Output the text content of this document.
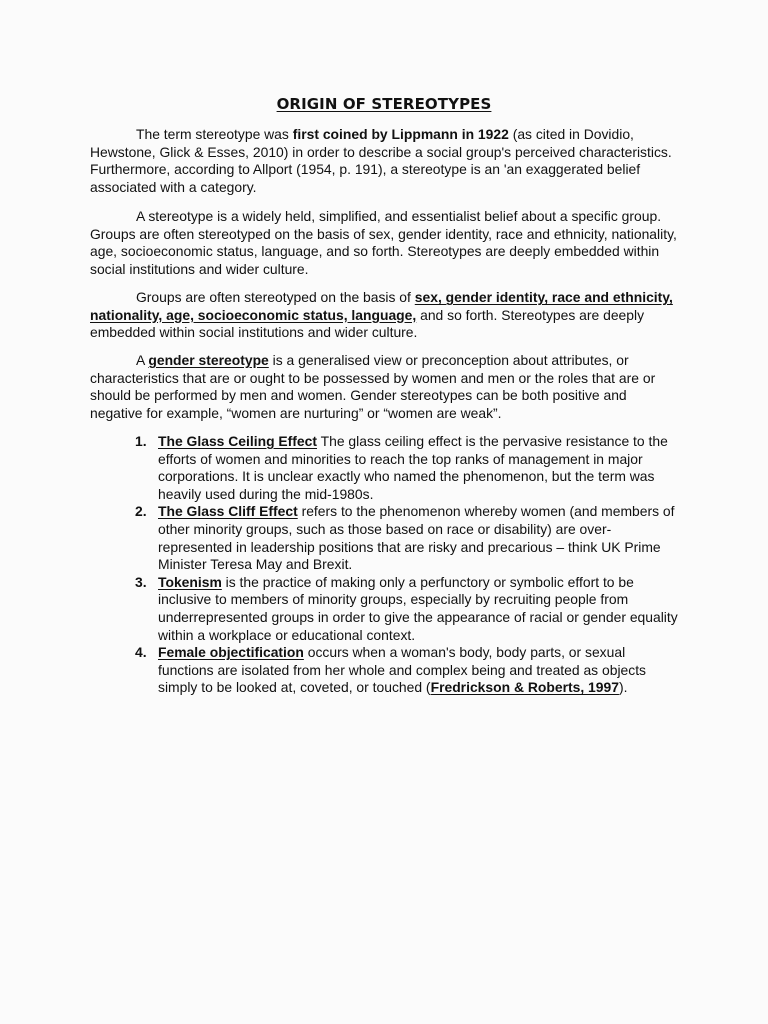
ORIGIN OF STEREOTYPES

The term stereotype was first coined by Lippmann in 1922 (as cited in Dovidio, Hewstone, Glick & Esses, 2010) in order to describe a social group's perceived characteristics. Furthermore, according to Allport (1954, p. 191), a stereotype is an 'an exaggerated belief associated with a category.

A stereotype is a widely held, simplified, and essentialist belief about a specific group. Groups are often stereotyped on the basis of sex, gender identity, race and ethnicity, nationality, age, socioeconomic status, language, and so forth. Stereotypes are deeply embedded within social institutions and wider culture.

Groups are often stereotyped on the basis of sex, gender identity, race and ethnicity, nationality, age, socioeconomic status, language, and so forth. Stereotypes are deeply embedded within social institutions and wider culture.

A gender stereotype is a generalised view or preconception about attributes, or characteristics that are or ought to be possessed by women and men or the roles that are or should be performed by men and women. Gender stereotypes can be both positive and negative for example, “women are nurturing” or “women are weak”.

1. The Glass Ceiling Effect The glass ceiling effect is the pervasive resistance to the efforts of women and minorities to reach the top ranks of management in major corporations. It is unclear exactly who named the phenomenon, but the term was heavily used during the mid-1980s.
2. The Glass Cliff Effect refers to the phenomenon whereby women (and members of other minority groups, such as those based on race or disability) are over-represented in leadership positions that are risky and precarious – think UK Prime Minister Teresa May and Brexit.
3. Tokenism is the practice of making only a perfunctory or symbolic effort to be inclusive to members of minority groups, especially by recruiting people from underrepresented groups in order to give the appearance of racial or gender equality within a workplace or educational context.
4. Female objectification occurs when a woman's body, body parts, or sexual functions are isolated from her whole and complex being and treated as objects simply to be looked at, coveted, or touched (Fredrickson & Roberts, 1997).
